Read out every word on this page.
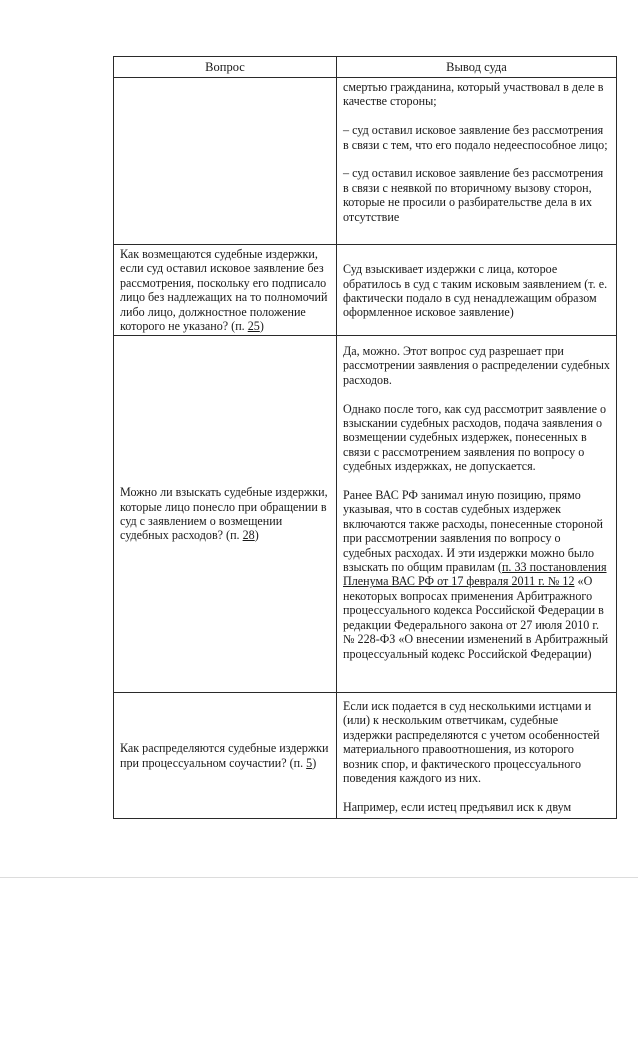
Вопрос	Вывод суда

	смертью гражданина, который участвовал в деле в качестве стороны;
– суд оставил исковое заявление без рассмотрения в связи с тем, что его подало недееспособное лицо;
– суд оставил исковое заявление без рассмотрения в связи с неявкой по вторичному вызову сторон, которые не просили о разбирательстве дела в их отсутствие

Как возмещаются судебные издержки, если суд оставил исковое заявление без рассмотрения, поскольку его подписало лицо без надлежащих на то полномочий либо лицо, должностное положение которого не указано? (п. 25)	Суд взыскивает издержки с лица, которое обратилось в суд с таким исковым заявлением (т. е. фактически подало в суд ненадлежащим образом оформленное исковое заявление)

Можно ли взыскать судебные издержки, которые лицо понесло при обращении в суд с заявлением о возмещении судебных расходов? (п. 28)	Да, можно. Этот вопрос суд разрешает при рассмотрении заявления о распределении судебных расходов.
Однако после того, как суд рассмотрит заявление о взыскании судебных расходов, подача заявления о возмещении судебных издержек, понесенных в связи с рассмотрением заявления по вопросу о судебных издержках, не допускается.
Ранее ВАС РФ занимал иную позицию, прямо указывая, что в состав судебных издержек включаются также расходы, понесенные стороной при рассмотрении заявления по вопросу о судебных расходах. И эти издержки можно было взыскать по общим правилам (п. 33 постановления Пленума ВАС РФ от 17 февраля 2011 г. № 12 «О некоторых вопросах применения Арбитражного процессуального кодекса Российской Федерации в редакции Федерального закона от 27 июля 2010 г. № 228-ФЗ «О внесении изменений в Арбитражный процессуальный кодекс Российской Федерации)

Как распределяются судебные издержки при процессуальном соучастии? (п. 5)	Если иск подается в суд несколькими истцами и (или) к нескольким ответчикам, судебные издержки распределяются с учетом особенностей материального правоотношения, из которого возник спор, и фактического процессуального поведения каждого из них.
Например, если истец предъявил иск к двум
